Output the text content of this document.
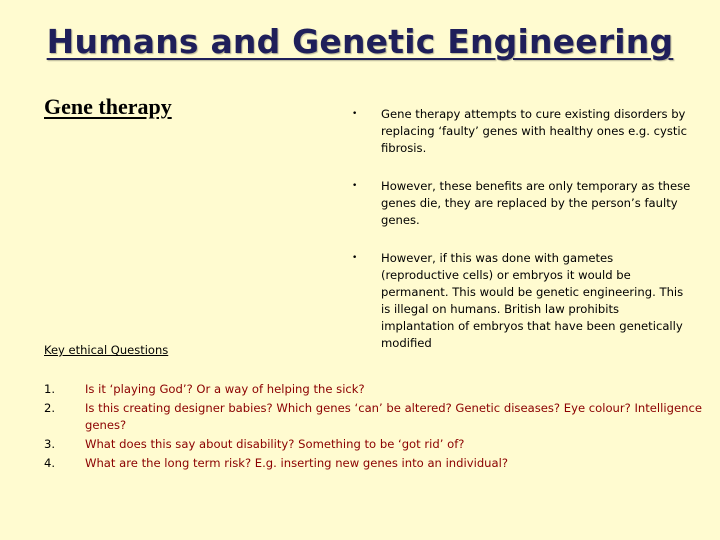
Humans and Genetic Engineering
Gene therapy	• Gene therapy attempts to cure existing disorders by replacing ‘faulty’ genes with healthy ones e.g. cystic fibrosis.
• However, these benefits are only temporary as these genes die, they are replaced by the person’s faulty genes.
• However, if this was done with gametes (reproductive cells) or embryos it would be permanent. This would be genetic engineering. This is illegal on humans. British law prohibits implantation of embryos that have been genetically modified

Key ethical Questions

1.	Is it ‘playing God’? Or a way of helping the sick?
2.	Is this creating designer babies? Which genes ‘can’ be altered? Genetic diseases? Eye colour? Intelligence genes?
3.	What does this say about disability? Something to be ‘got rid’ of?
4.	What are the long term risk? E.g. inserting new genes into an individual?
